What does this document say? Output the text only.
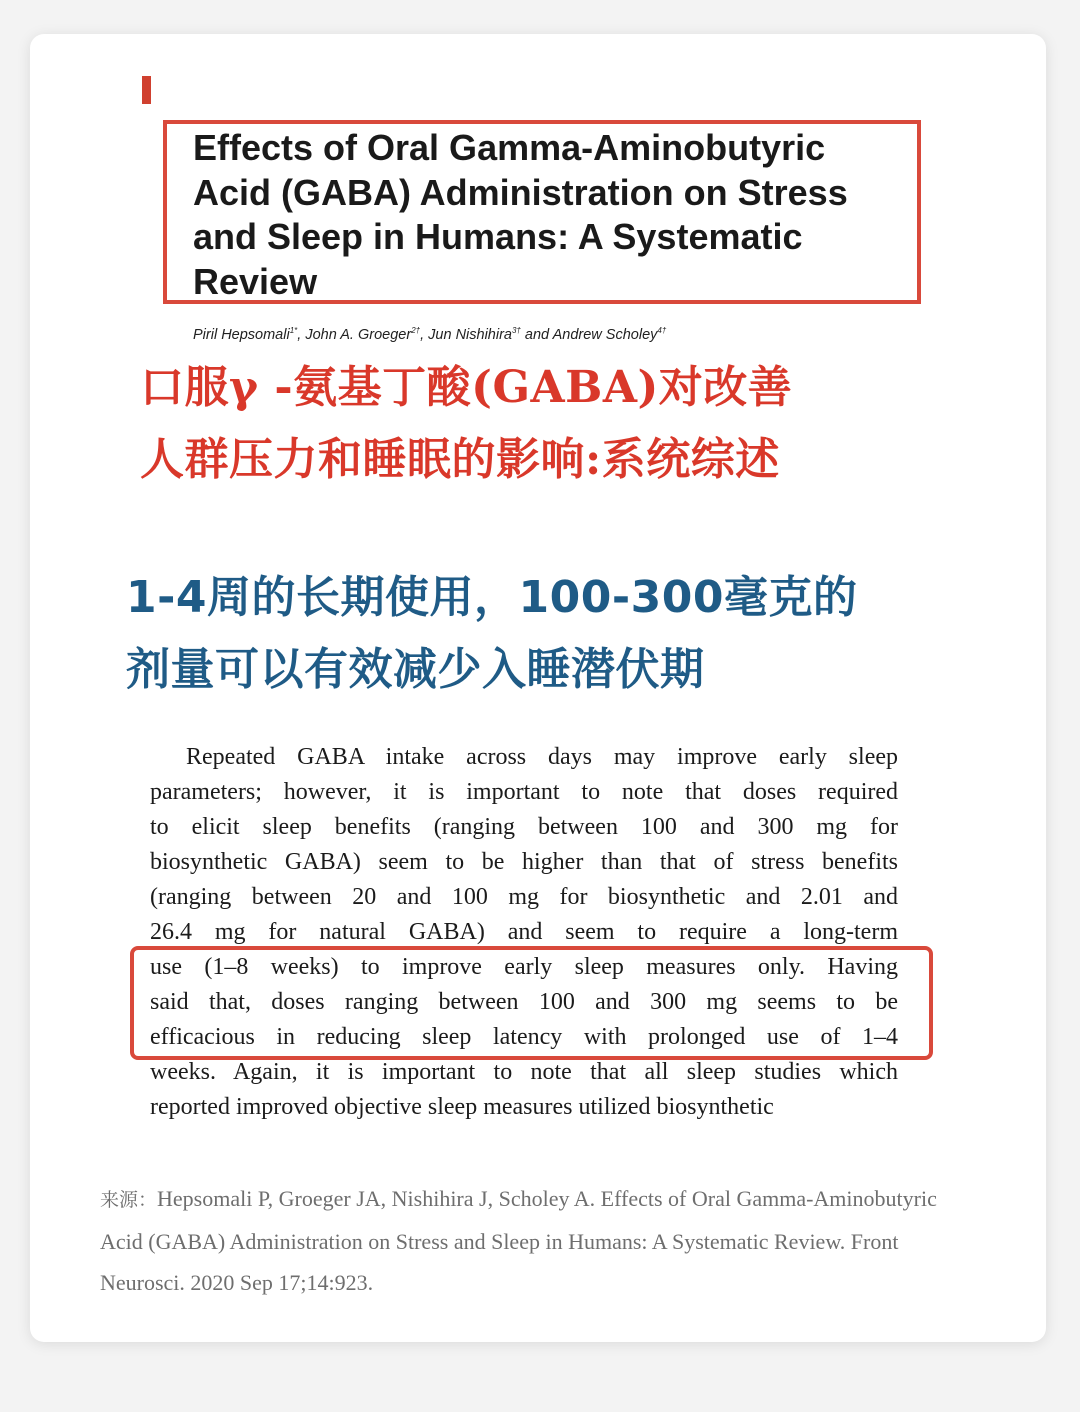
Effects of Oral Gamma-Aminobutyric
Acid (GABA) Administration on Stress
and Sleep in Humans: A Systematic
Review

Piril Hepsomali$^{1*}$, John A. Groeger$^{2\dagger}$, Jun Nishihira$^{3\dagger}$ and Andrew Scholey$^{4\dagger}$

口服γ -氨基丁酸(GABA)对改善
人群压力和睡眠的影响:系统综述
1-4周的长期使用，100-300毫克的
剂量可以有效减少入睡潜伏期

Repeated GABA intake across days may improve early sleep

parameters; however, it is important to note that doses required

to elicit sleep benefits (ranging between 100 and 300 mg for

biosynthetic GABA) seem to be higher than that of stress benefits

(ranging between 20 and 100 mg for biosynthetic and 2.01 and

26.4 mg for natural GABA) and seem to require a long-term

use (1–8 weeks) to improve early sleep measures only. Having

said that, doses ranging between 100 and 300 mg seems to be

efficacious in reducing sleep latency with prolonged use of 1–4

weeks. Again, it is important to note that all sleep studies which

reported improved objective sleep measures utilized biosynthetic

来源：Hepsomali P, Groeger JA, Nishihira J, Scholey A. Effects of Oral Gamma-Aminobutyric Acid (GABA) Administration on Stress and Sleep in Humans: A Systematic Review. Front Neurosci. 2020 Sep 17;14:923.
